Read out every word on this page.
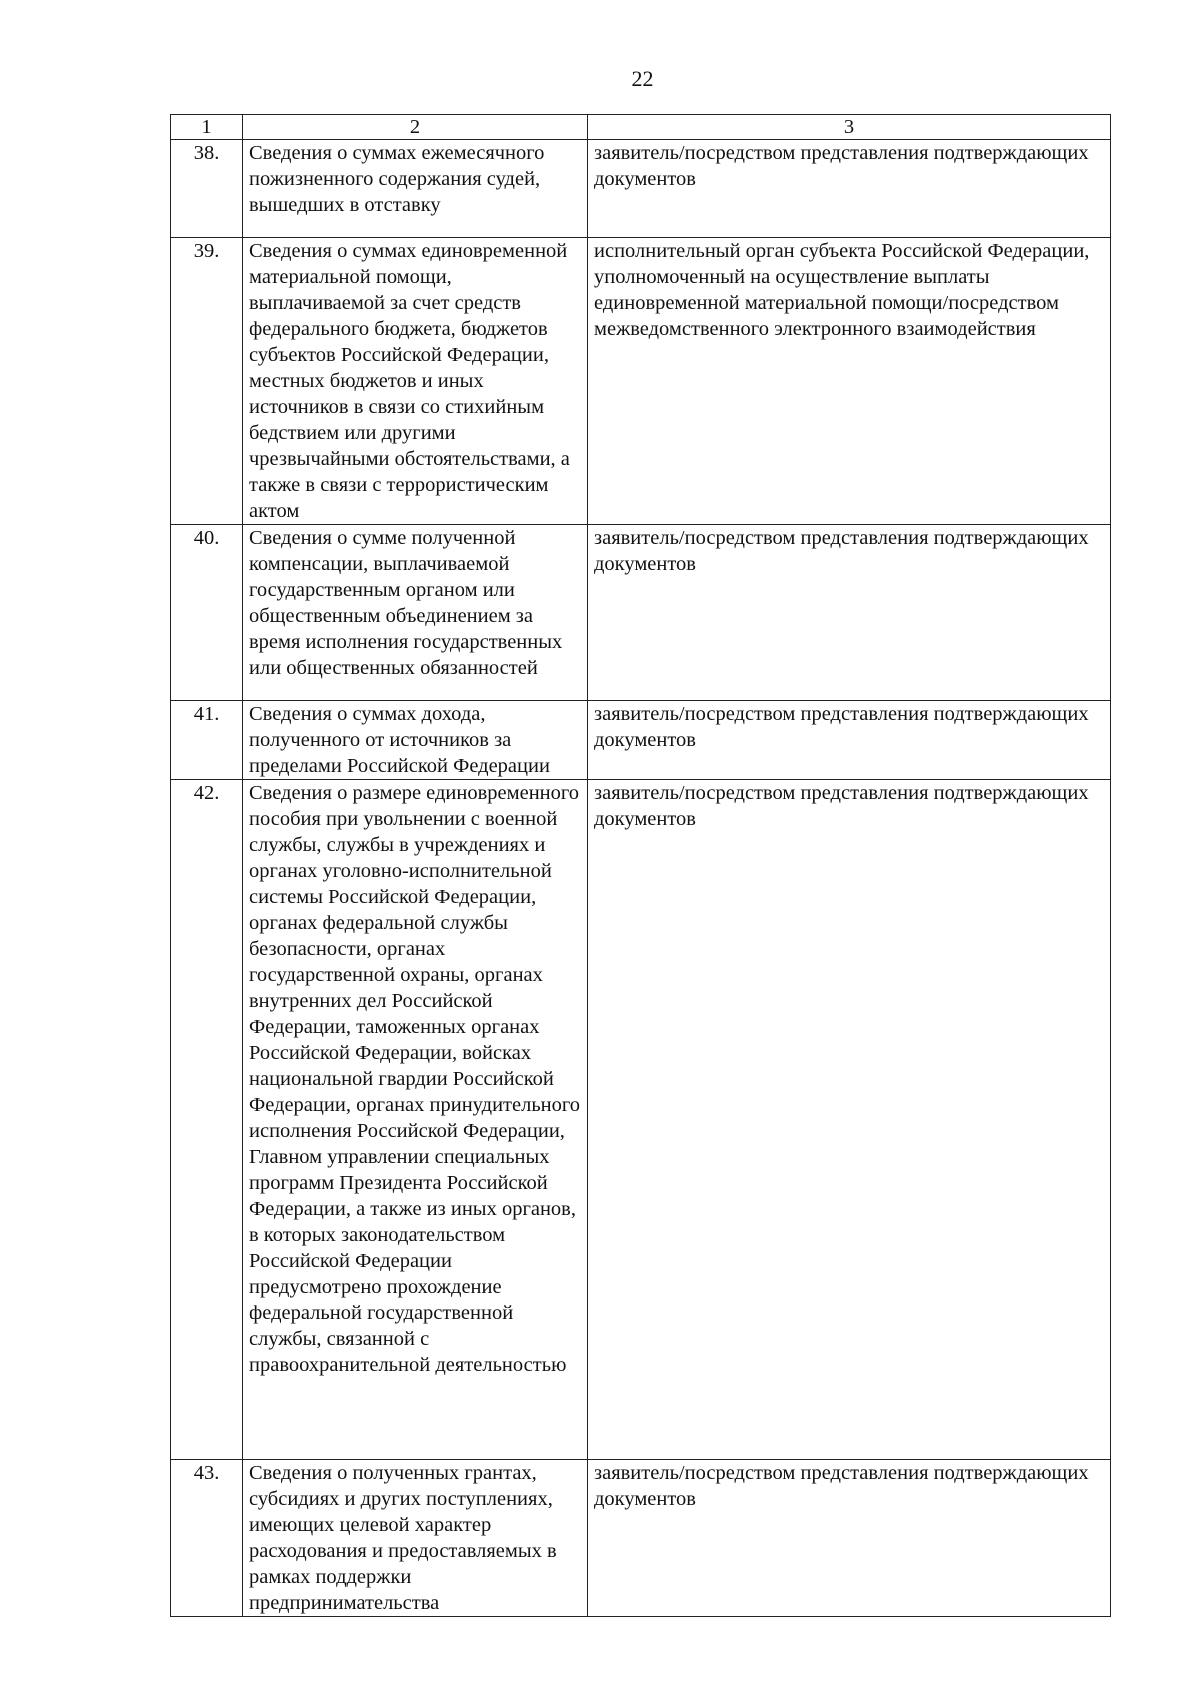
22
1	2	3
38.	Сведения о суммах ежемесячного пожизненного содержания судей, вышедших в отставку	заявитель/посредством представления подтверждающих документов
39.	Сведения о суммах единовременной материальной помощи, выплачиваемой за счет средств федерального бюджета, бюджетов субъектов Российской Федерации, местных бюджетов и иных источников в связи со стихийным бедствием или другими чрезвычайными обстоятельствами, а также в связи с террористическим актом	исполнительный орган субъекта Российской Федерации, уполномоченный на осуществление выплаты единовременной материальной помощи/посредством межведомственного электронного взаимодействия
40.	Сведения о сумме полученной компенсации, выплачиваемой государственным органом или общественным объединением за время исполнения государственных или общественных обязанностей	заявитель/посредством представления подтверждающих документов
41.	Сведения о суммах дохода, полученного от источников за пределами Российской Федерации	заявитель/посредством представления подтверждающих документов
42.	Сведения о размере единовременного пособия при увольнении с военной службы, службы в учреждениях и органах уголовно-исполнительной системы Российской Федерации, органах федеральной службы безопасности, органах государственной охраны, органах внутренних дел Российской Федерации, таможенных органах Российской Федерации, войсках национальной гвардии Российской Федерации, органах принудительного исполнения Российской Федерации, Главном управлении специальных программ Президента Российской Федерации, а также из иных органов, в которых законодательством Российской Федерации предусмотрено прохождение федеральной государственной службы, связанной с правоохранительной деятельностью	заявитель/посредством представления подтверждающих документов
43.	Сведения о полученных грантах, субсидиях и других поступлениях, имеющих целевой характер расходования и предоставляемых в рамках поддержки предпринимательства	заявитель/посредством представления подтверждающих документов
